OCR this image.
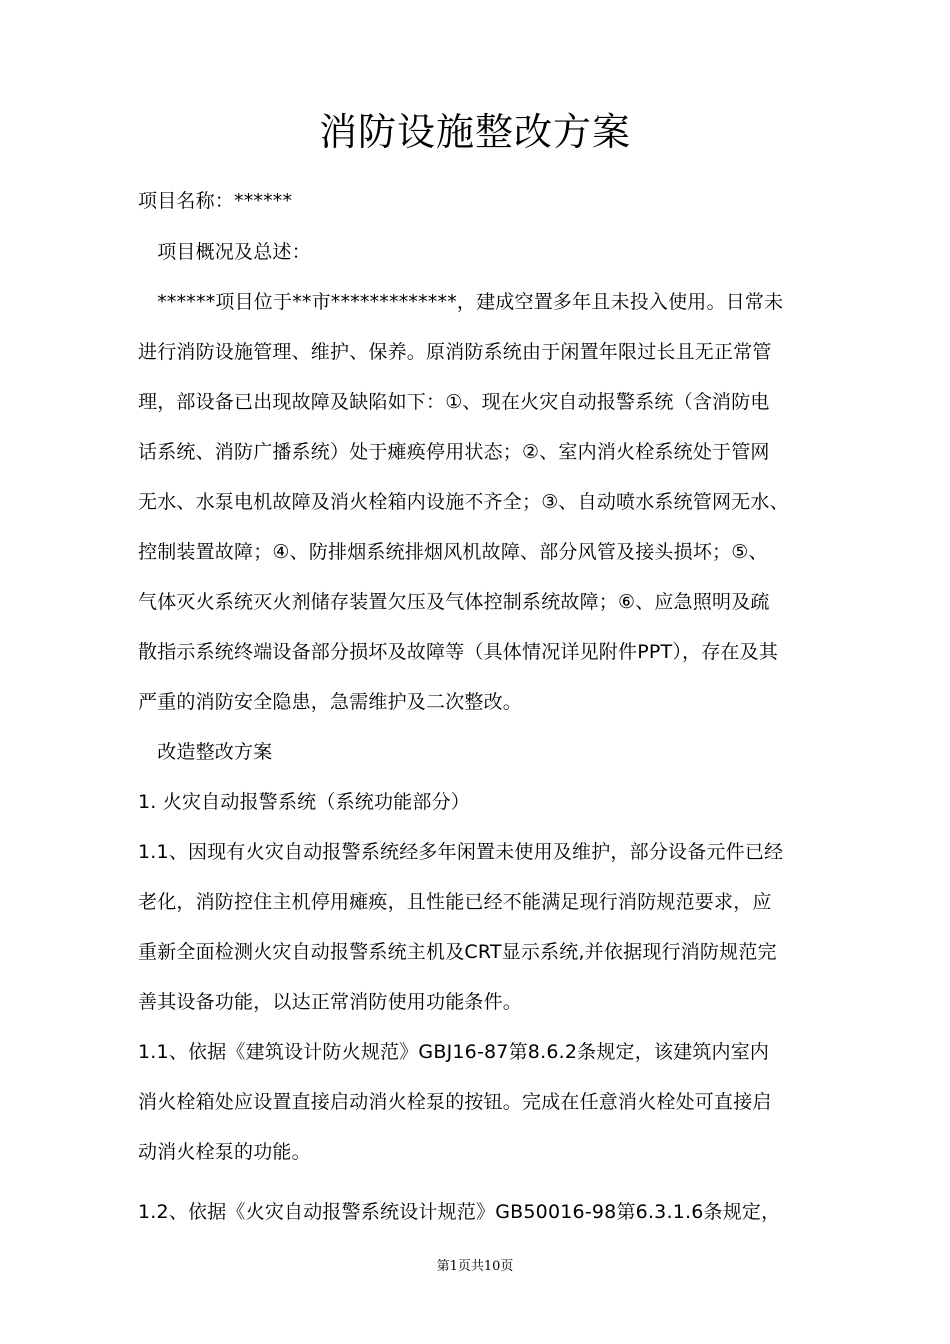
消防设施整改方案
项目名称：******
　项目概况及总述：
　******项目位于**市*************，建成空置多年且未投入使用。日常未
进行消防设施管理、维护、保养。原消防系统由于闲置年限过长且无正常管
理，部设备已出现故障及缺陷如下：①、现在火灾自动报警系统（含消防电
话系统、消防广播系统）处于瘫痪停用状态；②、室内消火栓系统处于管网
无水、水泵电机故障及消火栓箱内设施不齐全；③、自动喷水系统管网无水、
控制装置故障；④、防排烟系统排烟风机故障、部分风管及接头损坏；⑤、
气体灭火系统灭火剂储存装置欠压及气体控制系统故障；⑥、应急照明及疏
散指示系统终端设备部分损坏及故障等（具体情况详见附件PPT），存在及其
严重的消防安全隐患，急需维护及二次整改。
　改造整改方案
1. 火灾自动报警系统（系统功能部分）
1.1、因现有火灾自动报警系统经多年闲置未使用及维护，部分设备元件已经
老化，消防控住主机停用瘫痪，且性能已经不能满足现行消防规范要求，应
重新全面检测火灾自动报警系统主机及CRT显示系统,并依据现行消防规范完
善其设备功能，以达正常消防使用功能条件。
1.1、依据《建筑设计防火规范》GBJ16-87第8.6.2条规定，该建筑内室内
消火栓箱处应设置直接启动消火栓泵的按钮。完成在任意消火栓处可直接启
动消火栓泵的功能。
1.2、依据《火灾自动报警系统设计规范》GB50016-98第6.3.1.6条规定，
第1页共10页
